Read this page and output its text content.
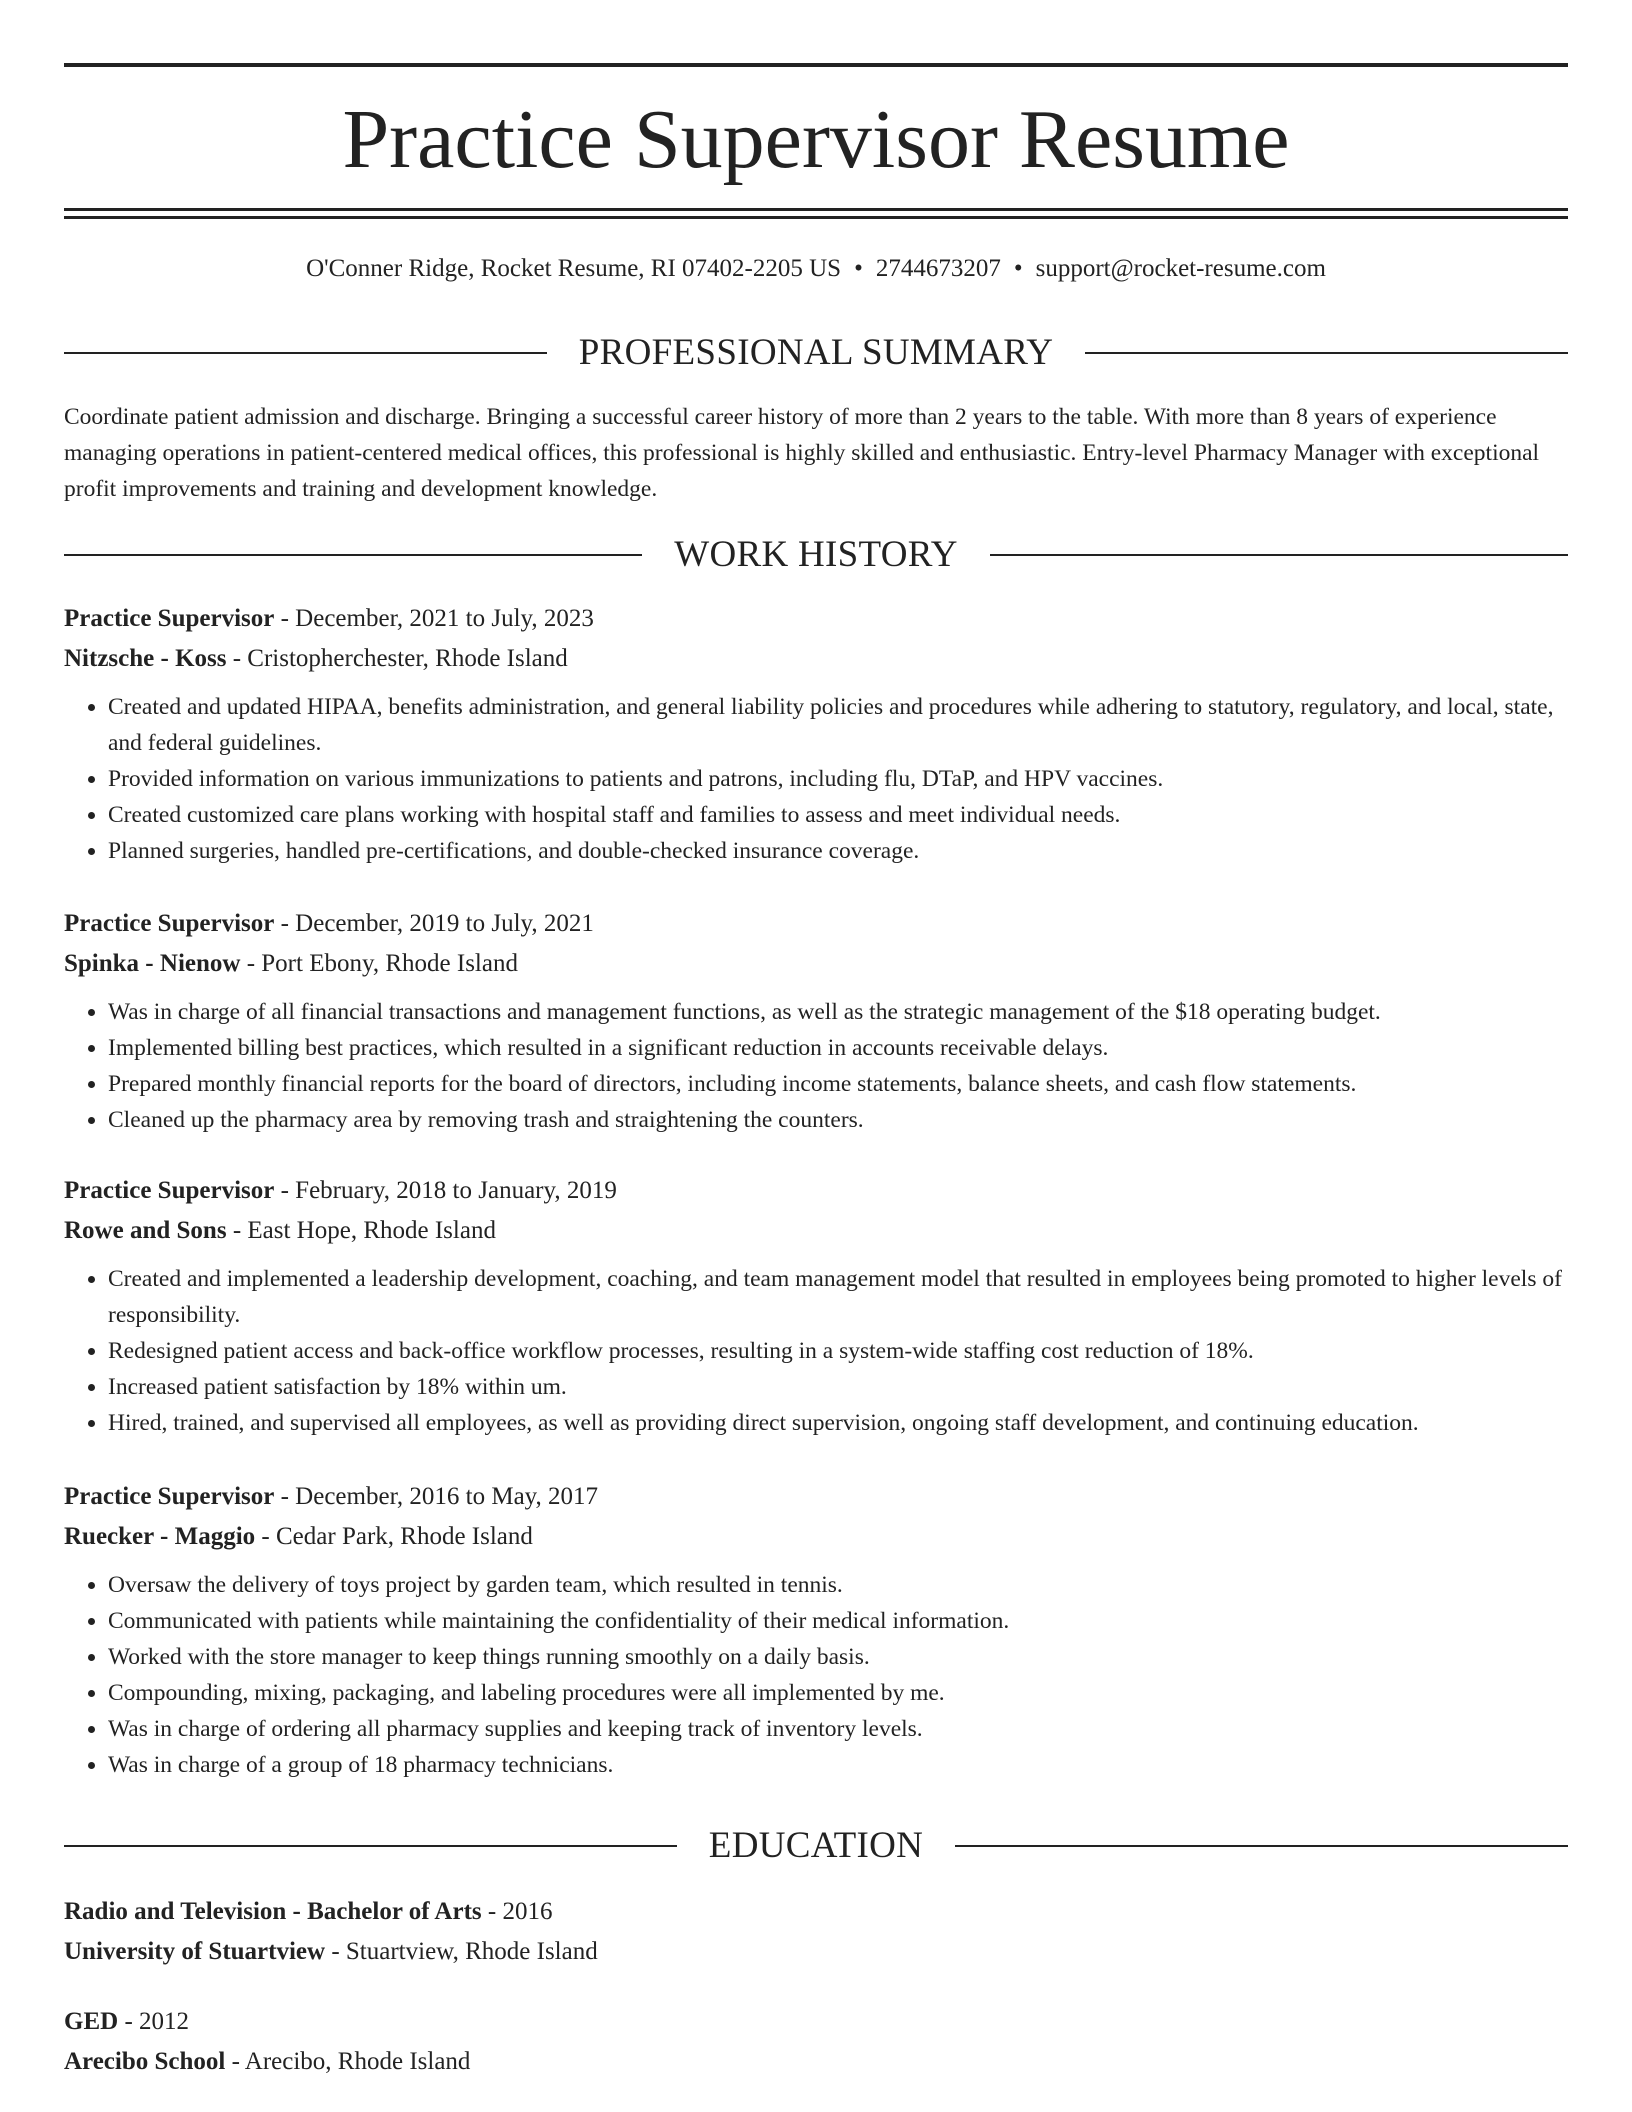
Practice Supervisor Resume
O'Conner Ridge, Rocket Resume, RI 07402-2205 US • 2744673207 • support@rocket-resume.com
PROFESSIONAL SUMMARY

Coordinate patient admission and discharge. Bringing a successful career history of more than 2 years to the table. With more than 8 years of experience managing operations in patient-centered medical offices, this professional is highly skilled and enthusiastic. Entry-level Pharmacy Manager with exceptional profit improvements and training and development knowledge.

WORK HISTORY
Practice Supervisor - December, 2021 to July, 2023
Nitzsche - Koss - Cristopherchester, Rhode Island
• Created and updated HIPAA, benefits administration, and general liability policies and procedures while adhering to statutory, regulatory, and local, state, and federal guidelines.
• Provided information on various immunizations to patients and patrons, including flu, DTaP, and HPV vaccines.
• Created customized care plans working with hospital staff and families to assess and meet individual needs.
• Planned surgeries, handled pre-certifications, and double-checked insurance coverage.
Practice Supervisor - December, 2019 to July, 2021
Spinka - Nienow - Port Ebony, Rhode Island
• Was in charge of all financial transactions and management functions, as well as the strategic management of the $18 operating budget.
• Implemented billing best practices, which resulted in a significant reduction in accounts receivable delays.
• Prepared monthly financial reports for the board of directors, including income statements, balance sheets, and cash flow statements.
• Cleaned up the pharmacy area by removing trash and straightening the counters.
Practice Supervisor - February, 2018 to January, 2019
Rowe and Sons - East Hope, Rhode Island
• Created and implemented a leadership development, coaching, and team management model that resulted in employees being promoted to higher levels of responsibility.
• Redesigned patient access and back-office workflow processes, resulting in a system-wide staffing cost reduction of 18%.
• Increased patient satisfaction by 18% within um.
• Hired, trained, and supervised all employees, as well as providing direct supervision, ongoing staff development, and continuing education.
Practice Supervisor - December, 2016 to May, 2017
Ruecker - Maggio - Cedar Park, Rhode Island
• Oversaw the delivery of toys project by garden team, which resulted in tennis.
• Communicated with patients while maintaining the confidentiality of their medical information.
• Worked with the store manager to keep things running smoothly on a daily basis.
• Compounding, mixing, packaging, and labeling procedures were all implemented by me.
• Was in charge of ordering all pharmacy supplies and keeping track of inventory levels.
• Was in charge of a group of 18 pharmacy technicians.
EDUCATION
Radio and Television - Bachelor of Arts - 2016
University of Stuartview - Stuartview, Rhode Island
GED - 2012
Arecibo School - Arecibo, Rhode Island
